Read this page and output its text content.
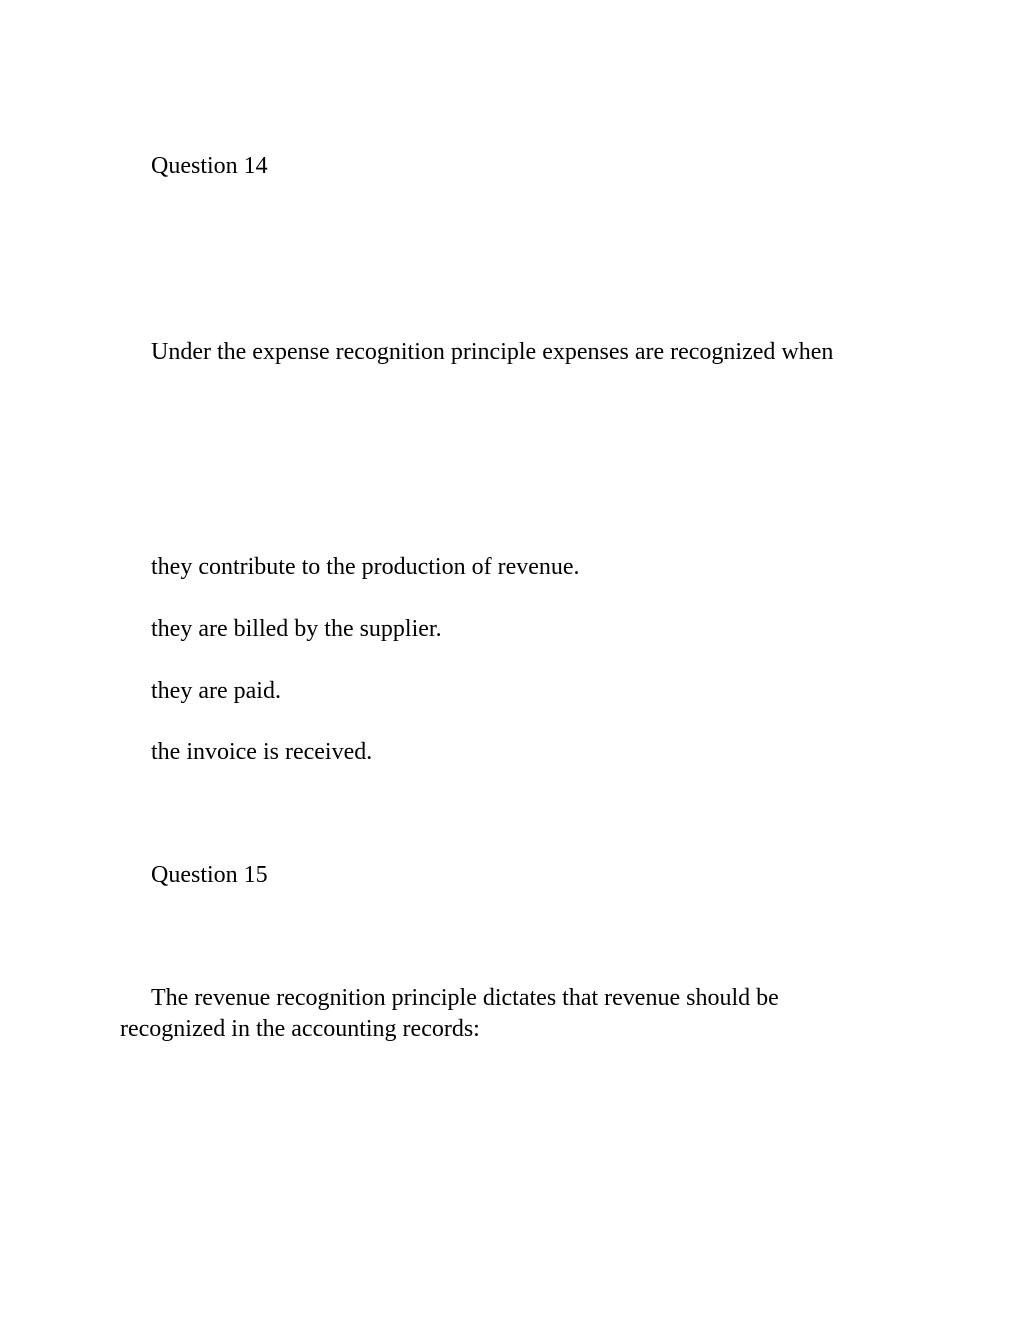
Question 14

Under the expense recognition principle expenses are recognized when

they contribute to the production of revenue.

they are billed by the supplier.

they are paid.

the invoice is received.

Question 15

The revenue recognition principle dictates that revenue should be recognized in the accounting records:
